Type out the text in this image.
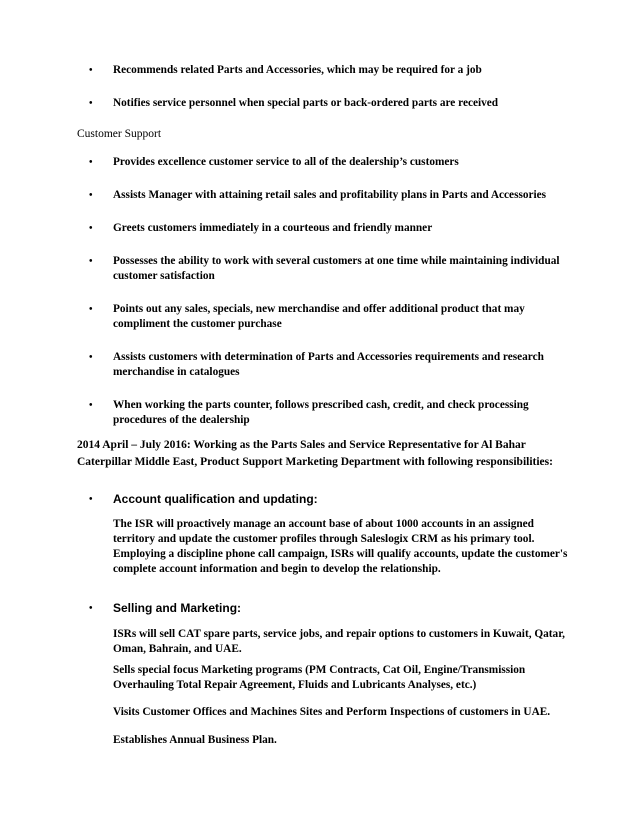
• Recommends related Parts and Accessories, which may be required for a job
• Notifies service personnel when special parts or back-ordered parts are received
Customer Support
• Provides excellence customer service to all of the dealership’s customers
• Assists Manager with attaining retail sales and profitability plans in Parts and Accessories
• Greets customers immediately in a courteous and friendly manner
• Possesses the ability to work with several customers at one time while maintaining individual customer satisfaction
• Points out any sales, specials, new merchandise and offer additional product that may compliment the customer purchase
• Assists customers with determination of Parts and Accessories requirements and research merchandise in catalogues
• When working the parts counter, follows prescribed cash, credit, and check processing procedures of the dealership
2014 April – July 2016: Working as the Parts Sales and Service Representative for Al Bahar
Caterpillar Middle East, Product Support Marketing Department with following responsibilities:
• Account qualification and updating:

The ISR will proactively manage an account base of about 1000 accounts in an assigned territory and update the customer profiles through Saleslogix CRM as his primary tool. Employing a discipline phone call campaign, ISRs will qualify accounts, update the customer's complete account information and begin to develop the relationship.

• Selling and Marketing:

ISRs will sell CAT spare parts, service jobs, and repair options to customers in Kuwait, Qatar, Oman, Bahrain, and UAE.

Sells special focus Marketing programs (PM Contracts, Cat Oil, Engine/Transmission Overhauling Total Repair Agreement, Fluids and Lubricants Analyses, etc.)

Visits Customer Offices and Machines Sites and Perform Inspections of customers in UAE.

Establishes Annual Business Plan.
